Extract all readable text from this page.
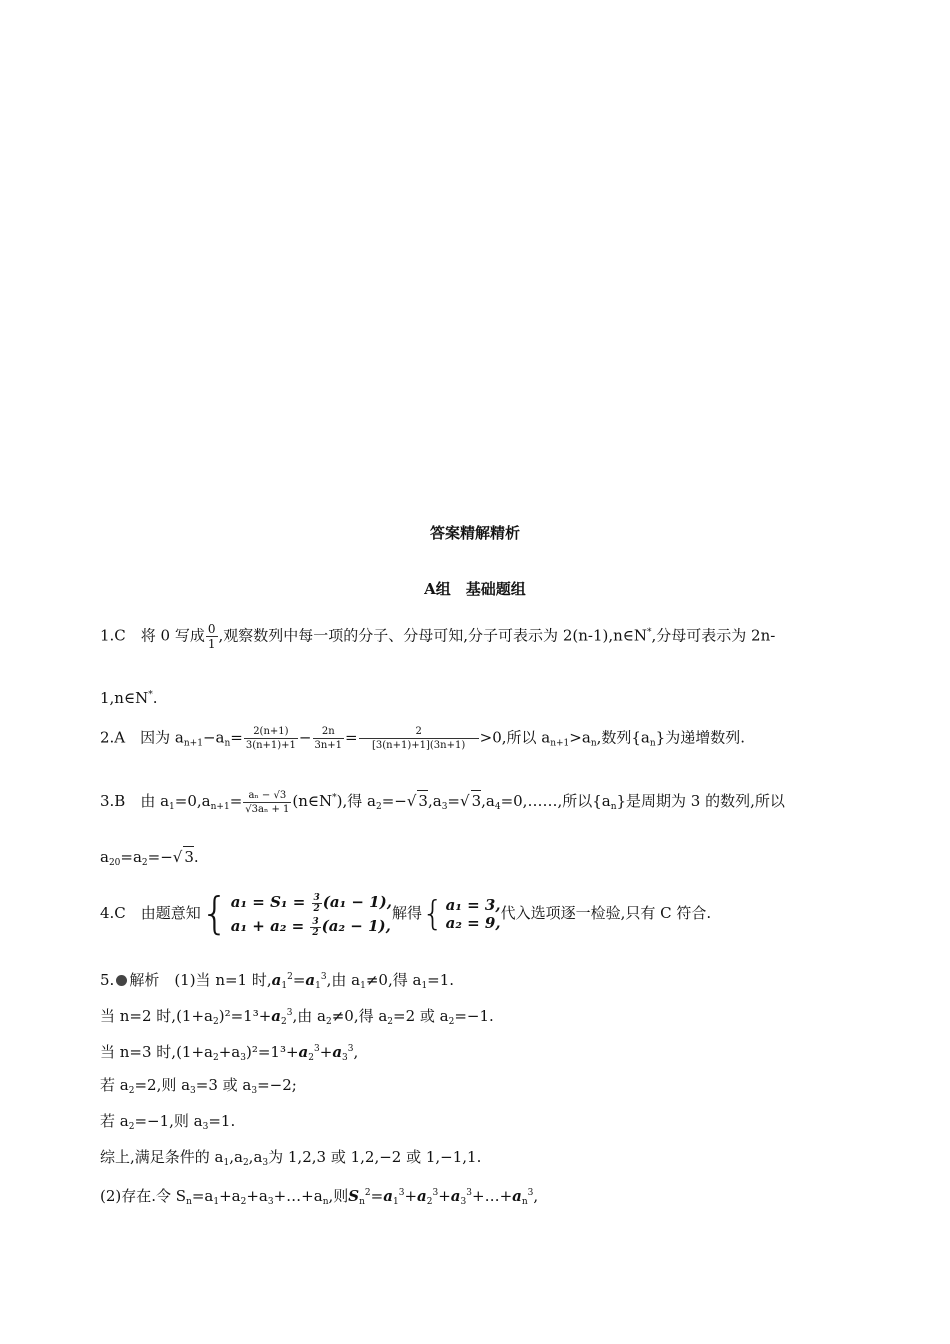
答案精解精析
A组　基础题组
1.C　将 0 写成 $\frac{0}{1}$ ,观察数列中每一项的分子、分母可知,分子可表示为 2(n-1),n∈N*,分母可表示为 2n-
1,n∈N*.
2.A　因为 $a_{n+1}-a_n= \frac{2(n+1)}{3(n+1)+1} - \frac{2n}{3n+1} = \frac{2}{[3(n+1)+1](3n+1)} >0$,所以 $a_{n+1}>a_n$,数列$\{a_n\}$为递增数列.
3.B　由 $a_1=0,a_{n+1}= \frac{\text{aₙ − √3}}{\text{√3aₙ + 1}}$ (n∈N*),得 $a_2=-√$ $3,a_3=√$ $3,a_4=0,\dots\dots$,所以$\{a_n\}$是周期为 3 的数列,所以
$a_{20}=a_2=-√$ 3.
4.C　由题意知{ $a_1 = S_1 = \frac{3}{2} (a_1 - 1)$,
$a_1 + a_2 = \frac{3}{2} (a_2 - 1)$,
解得{ a₁ = 3,
a₂ = 9,
代入选项逐一检验,只有 C 符合.
5. 解析　(1)当 n=1 时$,a_1^2=a_1^3$,由 $a_1\ne 0$,得 $a_1=1$.
当 n=2 时$,(1+a_2)^2=1^3+a_2^3$,由 $a_2\ne 0$,得 $a_2=2$ 或 $a_2=-1$.
当 n=3 时$,(1+a_2+a_3)^2=1^3+a_2^3+a_3^3$,
若 $a_2=2$,则 $a_3=3$ 或 $a_3=-2$;
若 $a_2=-1$,则 $a_3=1$.
综上,满足条件的 $a_1,a_2,a_3$为 1,2,3 或 1,2,−2 或 1,−1,1.
(2)存在.令 $S_n=a_1+a_2+a_3+\dots+a_n$,则$S_n^2=a_1^3+a_2^3+a_3^3+\dots+a_n^3$,
